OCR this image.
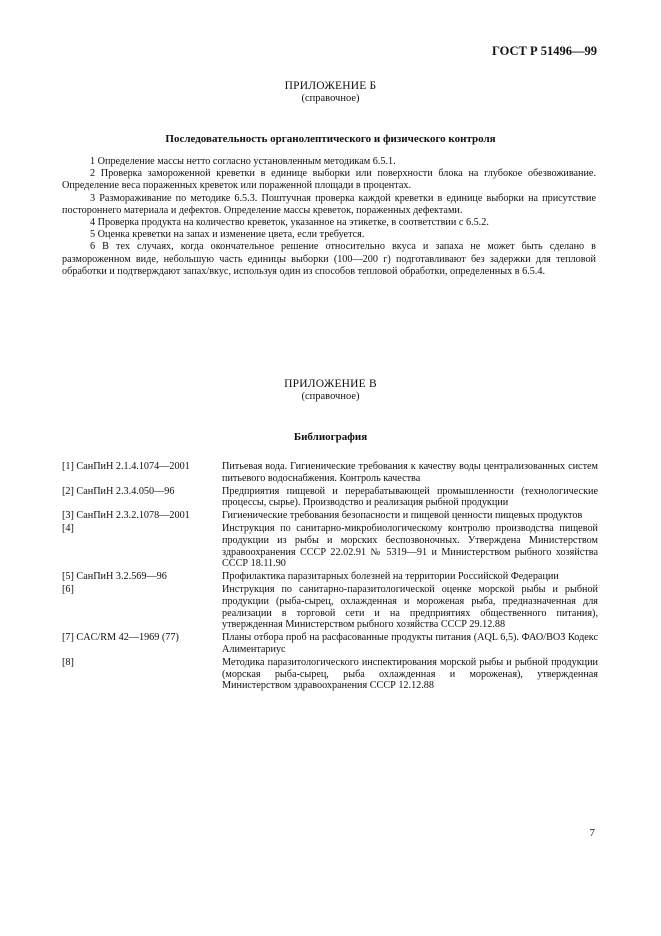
ГОСТ Р 51496—99
ПРИЛОЖЕНИЕ Б
(справочное)
Последовательность органолептического и физического контроля

1 Определение массы нетто согласно установленным методикам 6.5.1.

2 Проверка замороженной креветки в единице выборки или поверхности блока на глубокое обезвоживание. Определение веса пораженных креветок или пораженной площади в процентах.

3 Размораживание по методике 6.5.3. Поштучная проверка каждой креветки в единице выборки на присутствие постороннего материала и дефектов. Определение массы креветок, пораженных дефектами.

4 Проверка продукта на количество креветок, указанное на этикетке, в соответствии с 6.5.2.

5 Оценка креветки на запах и изменение цвета, если требуется.

6 В тех случаях, когда окончательное решение относительно вкуса и запаха не может быть сделано в размороженном виде, небольшую часть единицы выборки (100—200 г) подготавливают без задержки для тепловой обработки и подтверждают запах/вкус, используя один из способов тепловой обработки, определенных в 6.5.4.

ПРИЛОЖЕНИЕ В
(справочное)
Библиография
[1] СанПиН 2.1.4.1074—2001	Питьевая вода. Гигиенические требования к качеству воды централизованных систем питьевого водоснабжения. Контроль качества
[2] СанПиН 2.3.4.050—96	Предприятия пищевой и перерабатывающей промышленности (технологические процессы, сырье). Производство и реализация рыбной продукции
[3] СанПиН 2.3.2.1078—2001	Гигиенические требования безопасности и пищевой ценности пищевых продуктов
[4]	Инструкция по санитарно-микробиологическому контролю производства пищевой продукции из рыбы и морских беспозвоночных. Утверждена Министерством здравоохранения СССР 22.02.91 № 5319—91 и Министерством рыбного хозяйства СССР 18.11.90
[5] СанПиН 3.2.569—96	Профилактика паразитарных болезней на территории Российской Федерации
[6]	Инструкция по санитарно-паразитологической оценке морской рыбы и рыбной продукции (рыба-сырец, охлажденная и мороженая рыба, предназначенная для реализации в торговой сети и на предприятиях общественного питания), утвержденная Министерством рыбного хозяйства СССР 29.12.88
[7] CAC/RM 42—1969 (77)	Планы отбора проб на расфасованные продукты питания (AQL 6,5). ФАО/ВОЗ Кодекс Алиментариус
[8]	Методика паразитологического инспектирования морской рыбы и рыбной продукции (морская рыба-сырец, рыба охлажденная и мороженая), утвержденная Министерством здравоохранения СССР 12.12.88
7
